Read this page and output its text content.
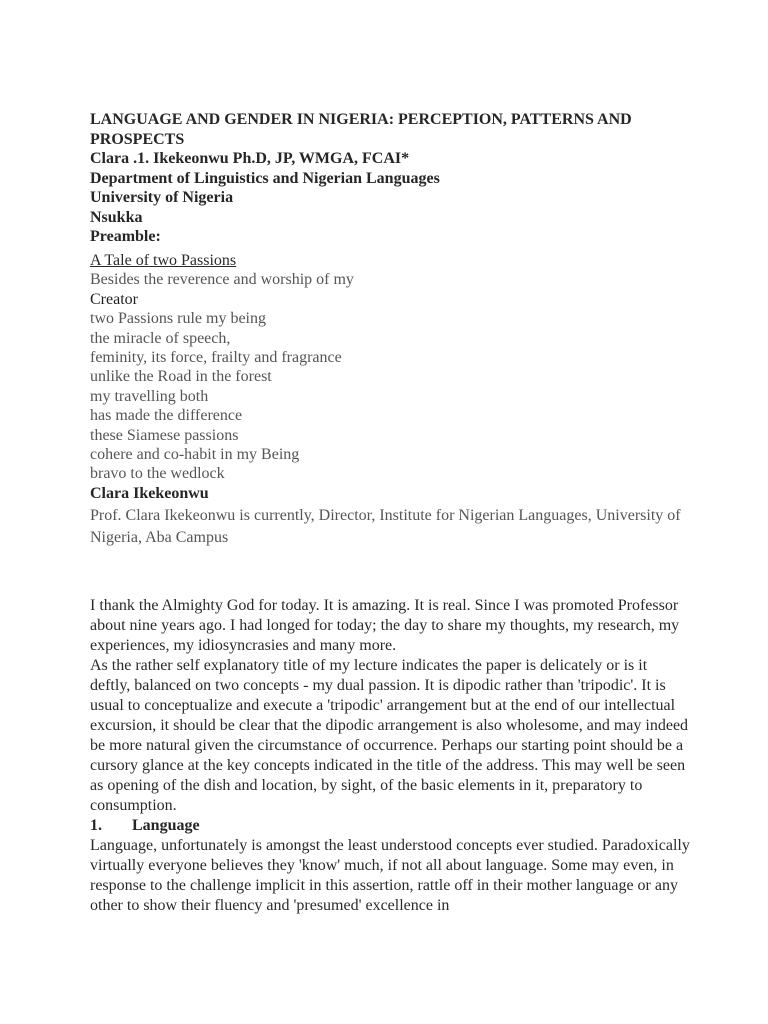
LANGUAGE AND GENDER IN NIGERIA: PERCEPTION, PATTERNS AND PROSPECTS
Clara .1. Ikekeonwu Ph.D, JP, WMGA, FCAI*
Department of Linguistics and Nigerian Languages
University of Nigeria
Nsukka
Preamble:
A Tale of two Passions
Besides the reverence and worship of my
Creator
two Passions rule my being
the miracle of speech,
feminity, its force, frailty and fragrance
unlike the Road in the forest
my travelling both
has made the difference
these Siamese passions
cohere and co-habit in my Being
bravo to the wedlock
Clara Ikekeonwu
Prof. Clara Ikekeonwu is currently, Director, Institute for Nigerian Languages, University of Nigeria, Aba Campus

I thank the Almighty God for today. It is amazing. It is real. Since I was promoted Professor about nine years ago. I had longed for today; the day to share my thoughts, my research, my experiences, my idiosyncrasies and many more.

As the rather self explanatory title of my lecture indicates the paper is delicately or is it deftly, balanced on two concepts - my dual passion. It is dipodic rather than 'tripodic'. It is usual to conceptualize and execute a 'tripodic' arrangement but at the end of our intellectual excursion, it should be clear that the dipodic arrangement is also wholesome, and may indeed be more natural given the circumstance of occurrence. Perhaps our starting point should be a cursory glance at the key concepts indicated in the title of the address. This may well be seen as opening of the dish and location, by sight, of the basic elements in it, preparatory to consumption.

1.	Language

Language, unfortunately is amongst the least understood concepts ever studied. Paradoxically virtually everyone believes they 'know' much, if not all about language. Some may even, in response to the challenge implicit in this assertion, rattle off in their mother language or any other to show their fluency and 'presumed' excellence in
